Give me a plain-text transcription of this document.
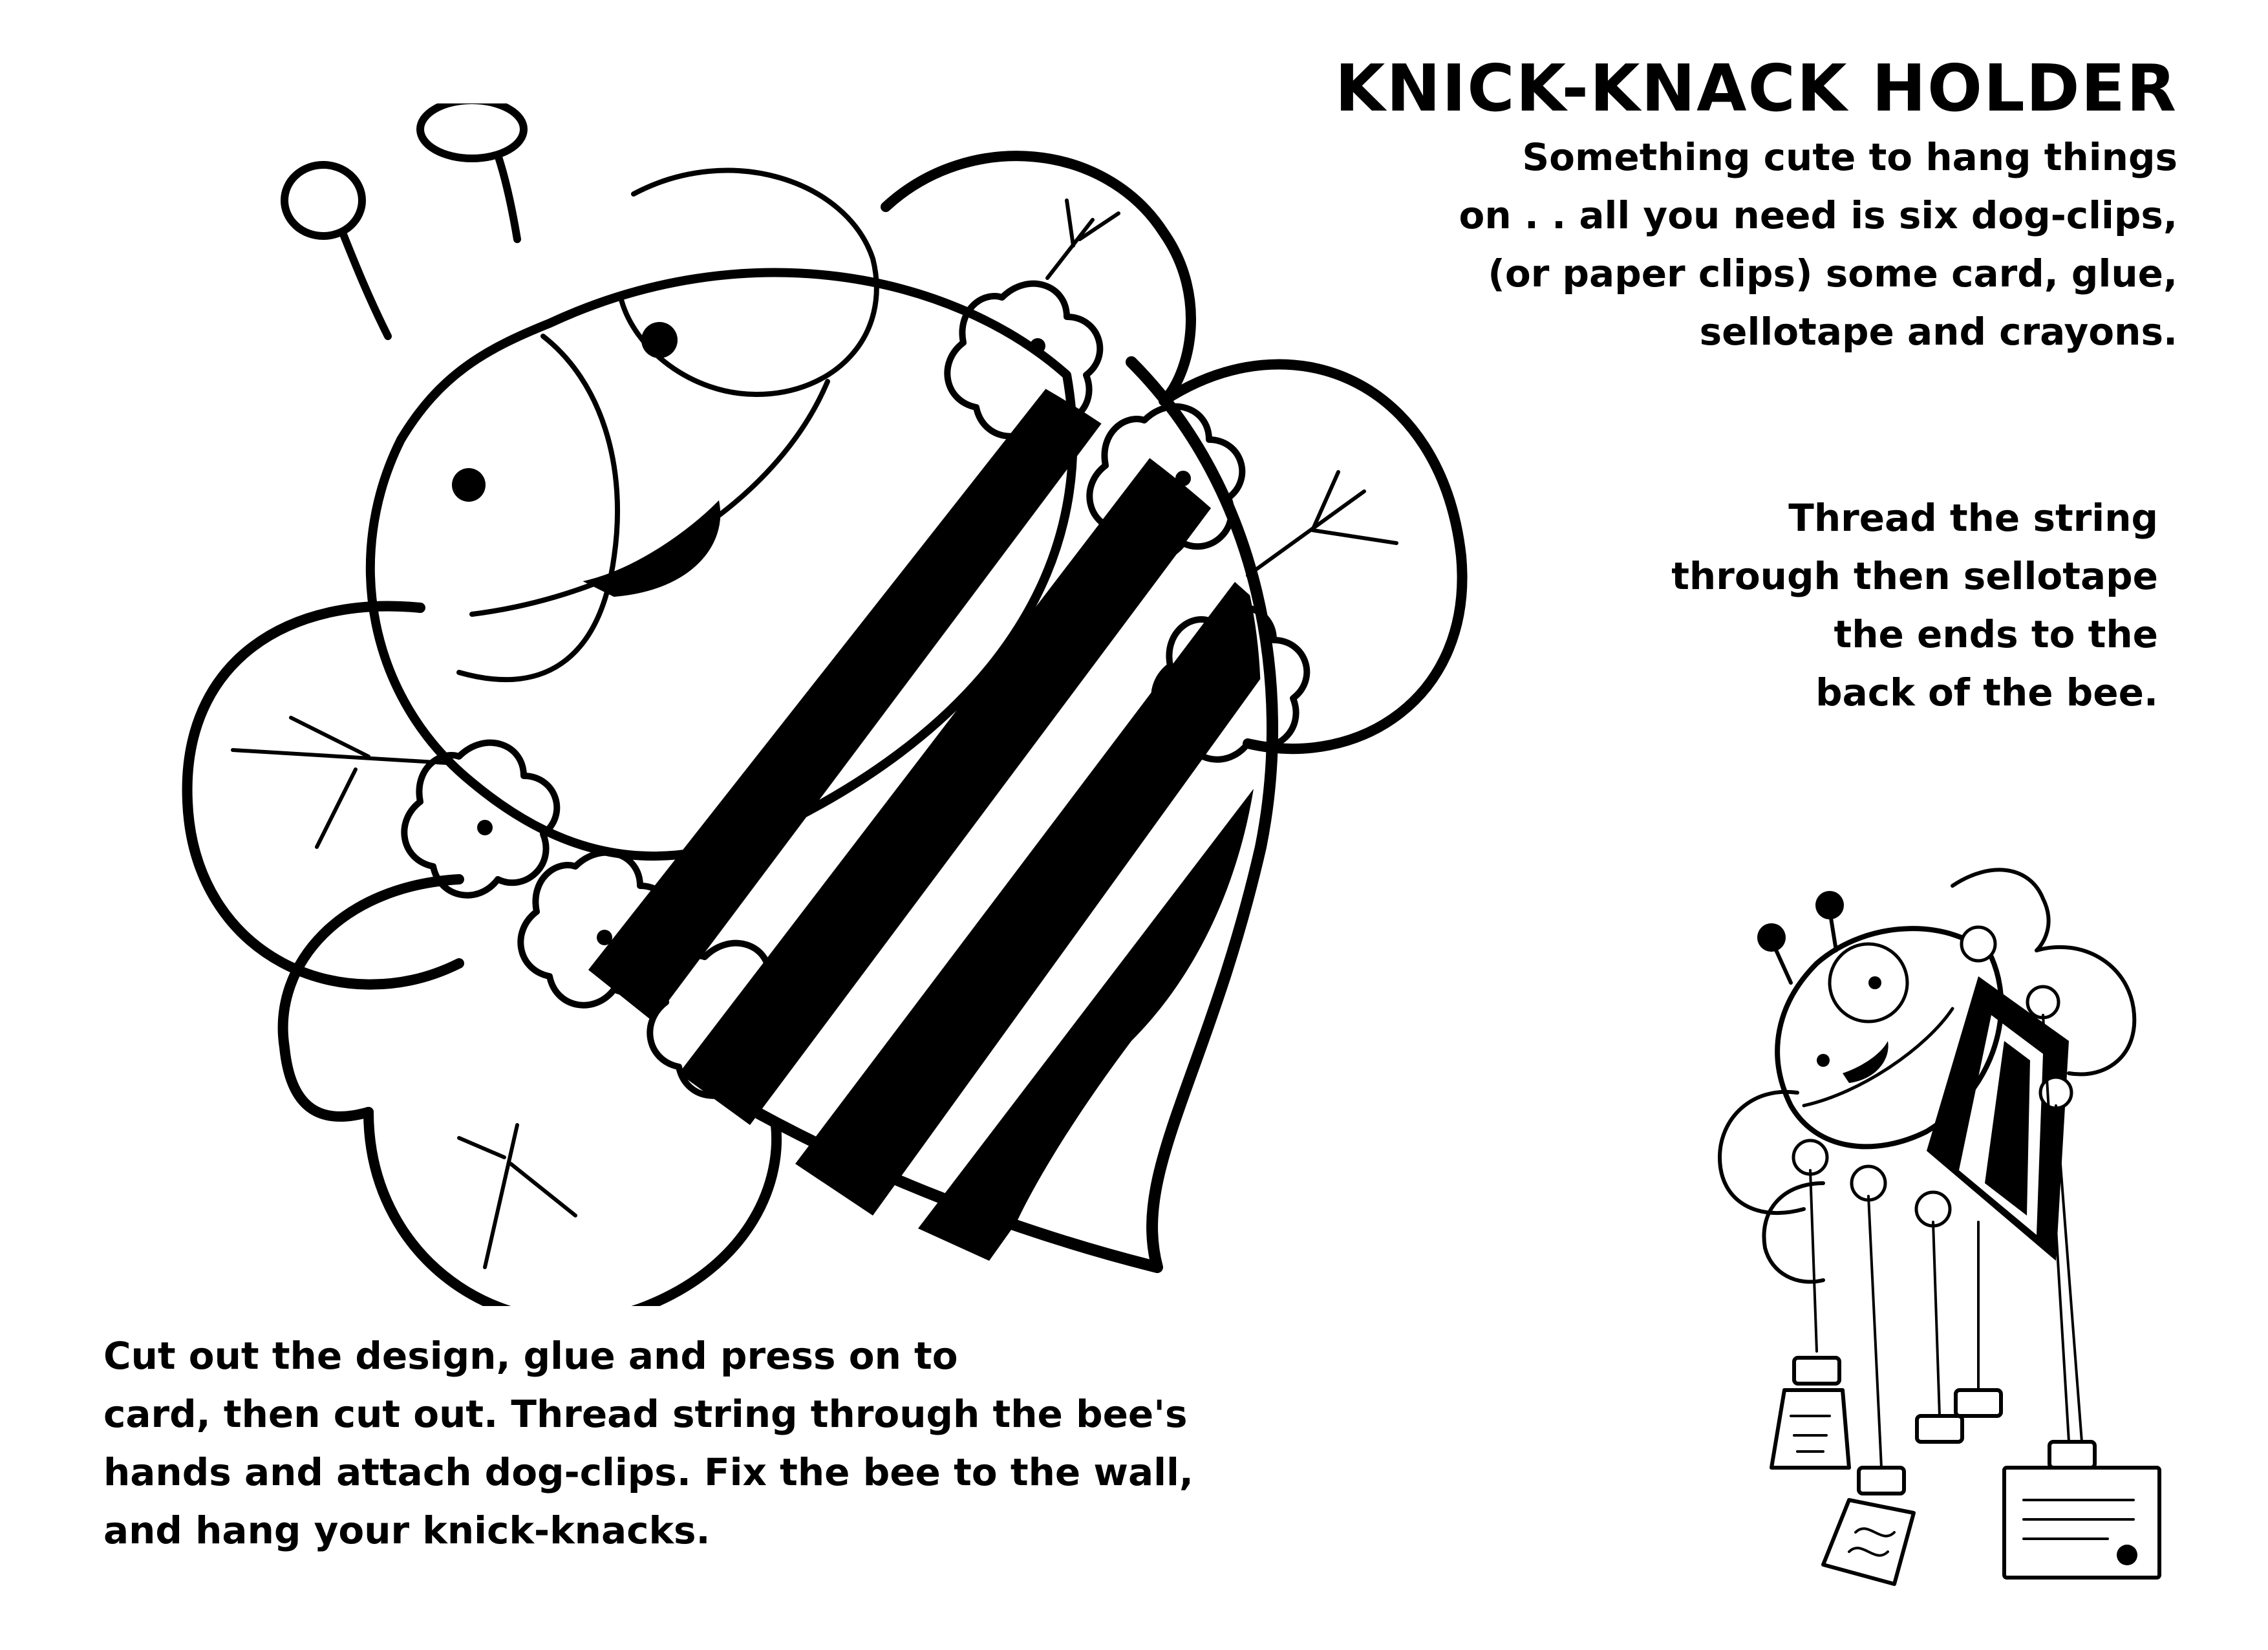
KNICK-KNACK HOLDER
Something cute to hang things
on . . all you need is six dog-clips,
(or paper clips) some card, glue,
sellotape and crayons.
Thread the string
through then sellotape
the ends to the
back of the bee.
Cut out the design, glue and press on to
card, then cut out. Thread string through the bee's
hands and attach dog-clips. Fix the bee to the wall,
and hang your knick-knacks.
